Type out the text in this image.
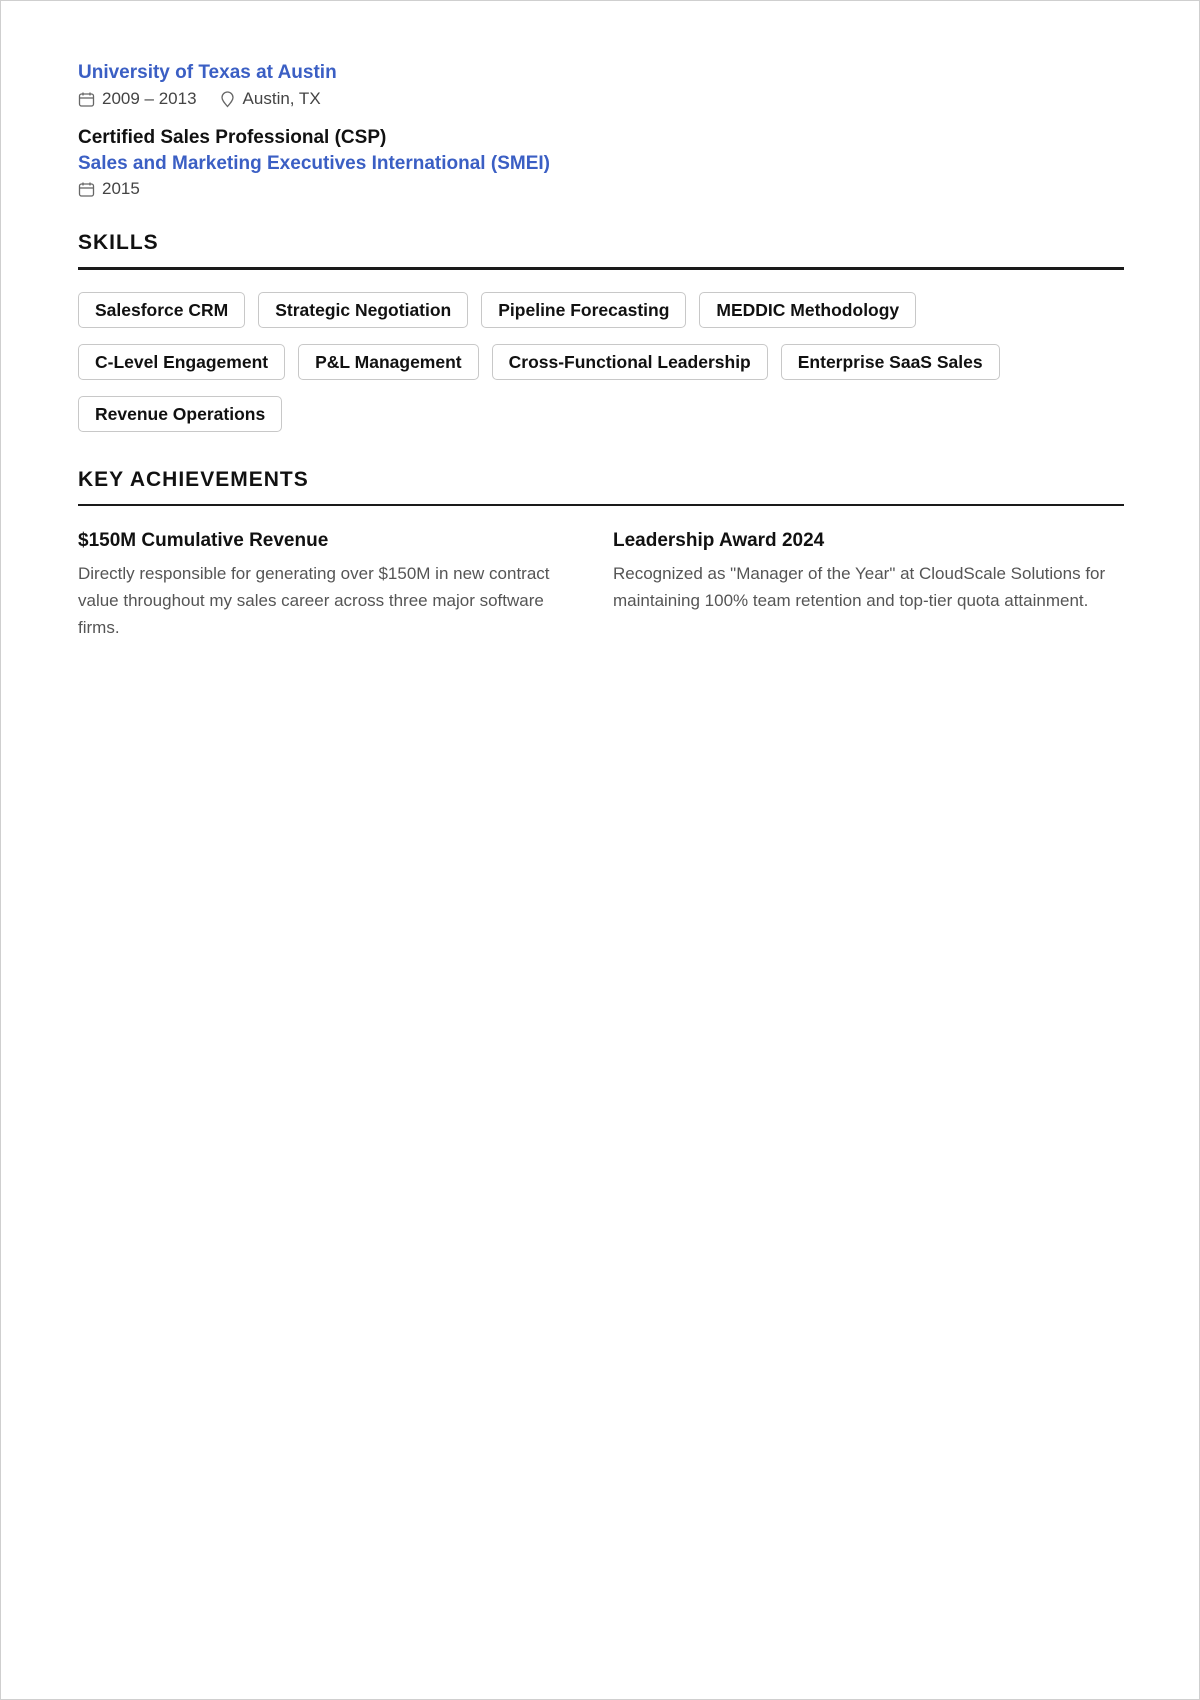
University of Texas at Austin
2009 – 2013	Austin, TX
Certified Sales Professional (CSP)
Sales and Marketing Executives International (SMEI)
2015
SKILLS
Salesforce CRM	Strategic Negotiation	Pipeline Forecasting	MEDDIC Methodology
C-Level Engagement	P&L Management	Cross-Functional Leadership	Enterprise SaaS Sales
Revenue Operations
KEY ACHIEVEMENTS
$150M Cumulative Revenue
Directly responsible for generating over $150M in new contract value throughout my sales career across three major software firms.
Leadership Award 2024
Recognized as "Manager of the Year" at CloudScale Solutions for maintaining 100% team retention and top-tier quota attainment.
